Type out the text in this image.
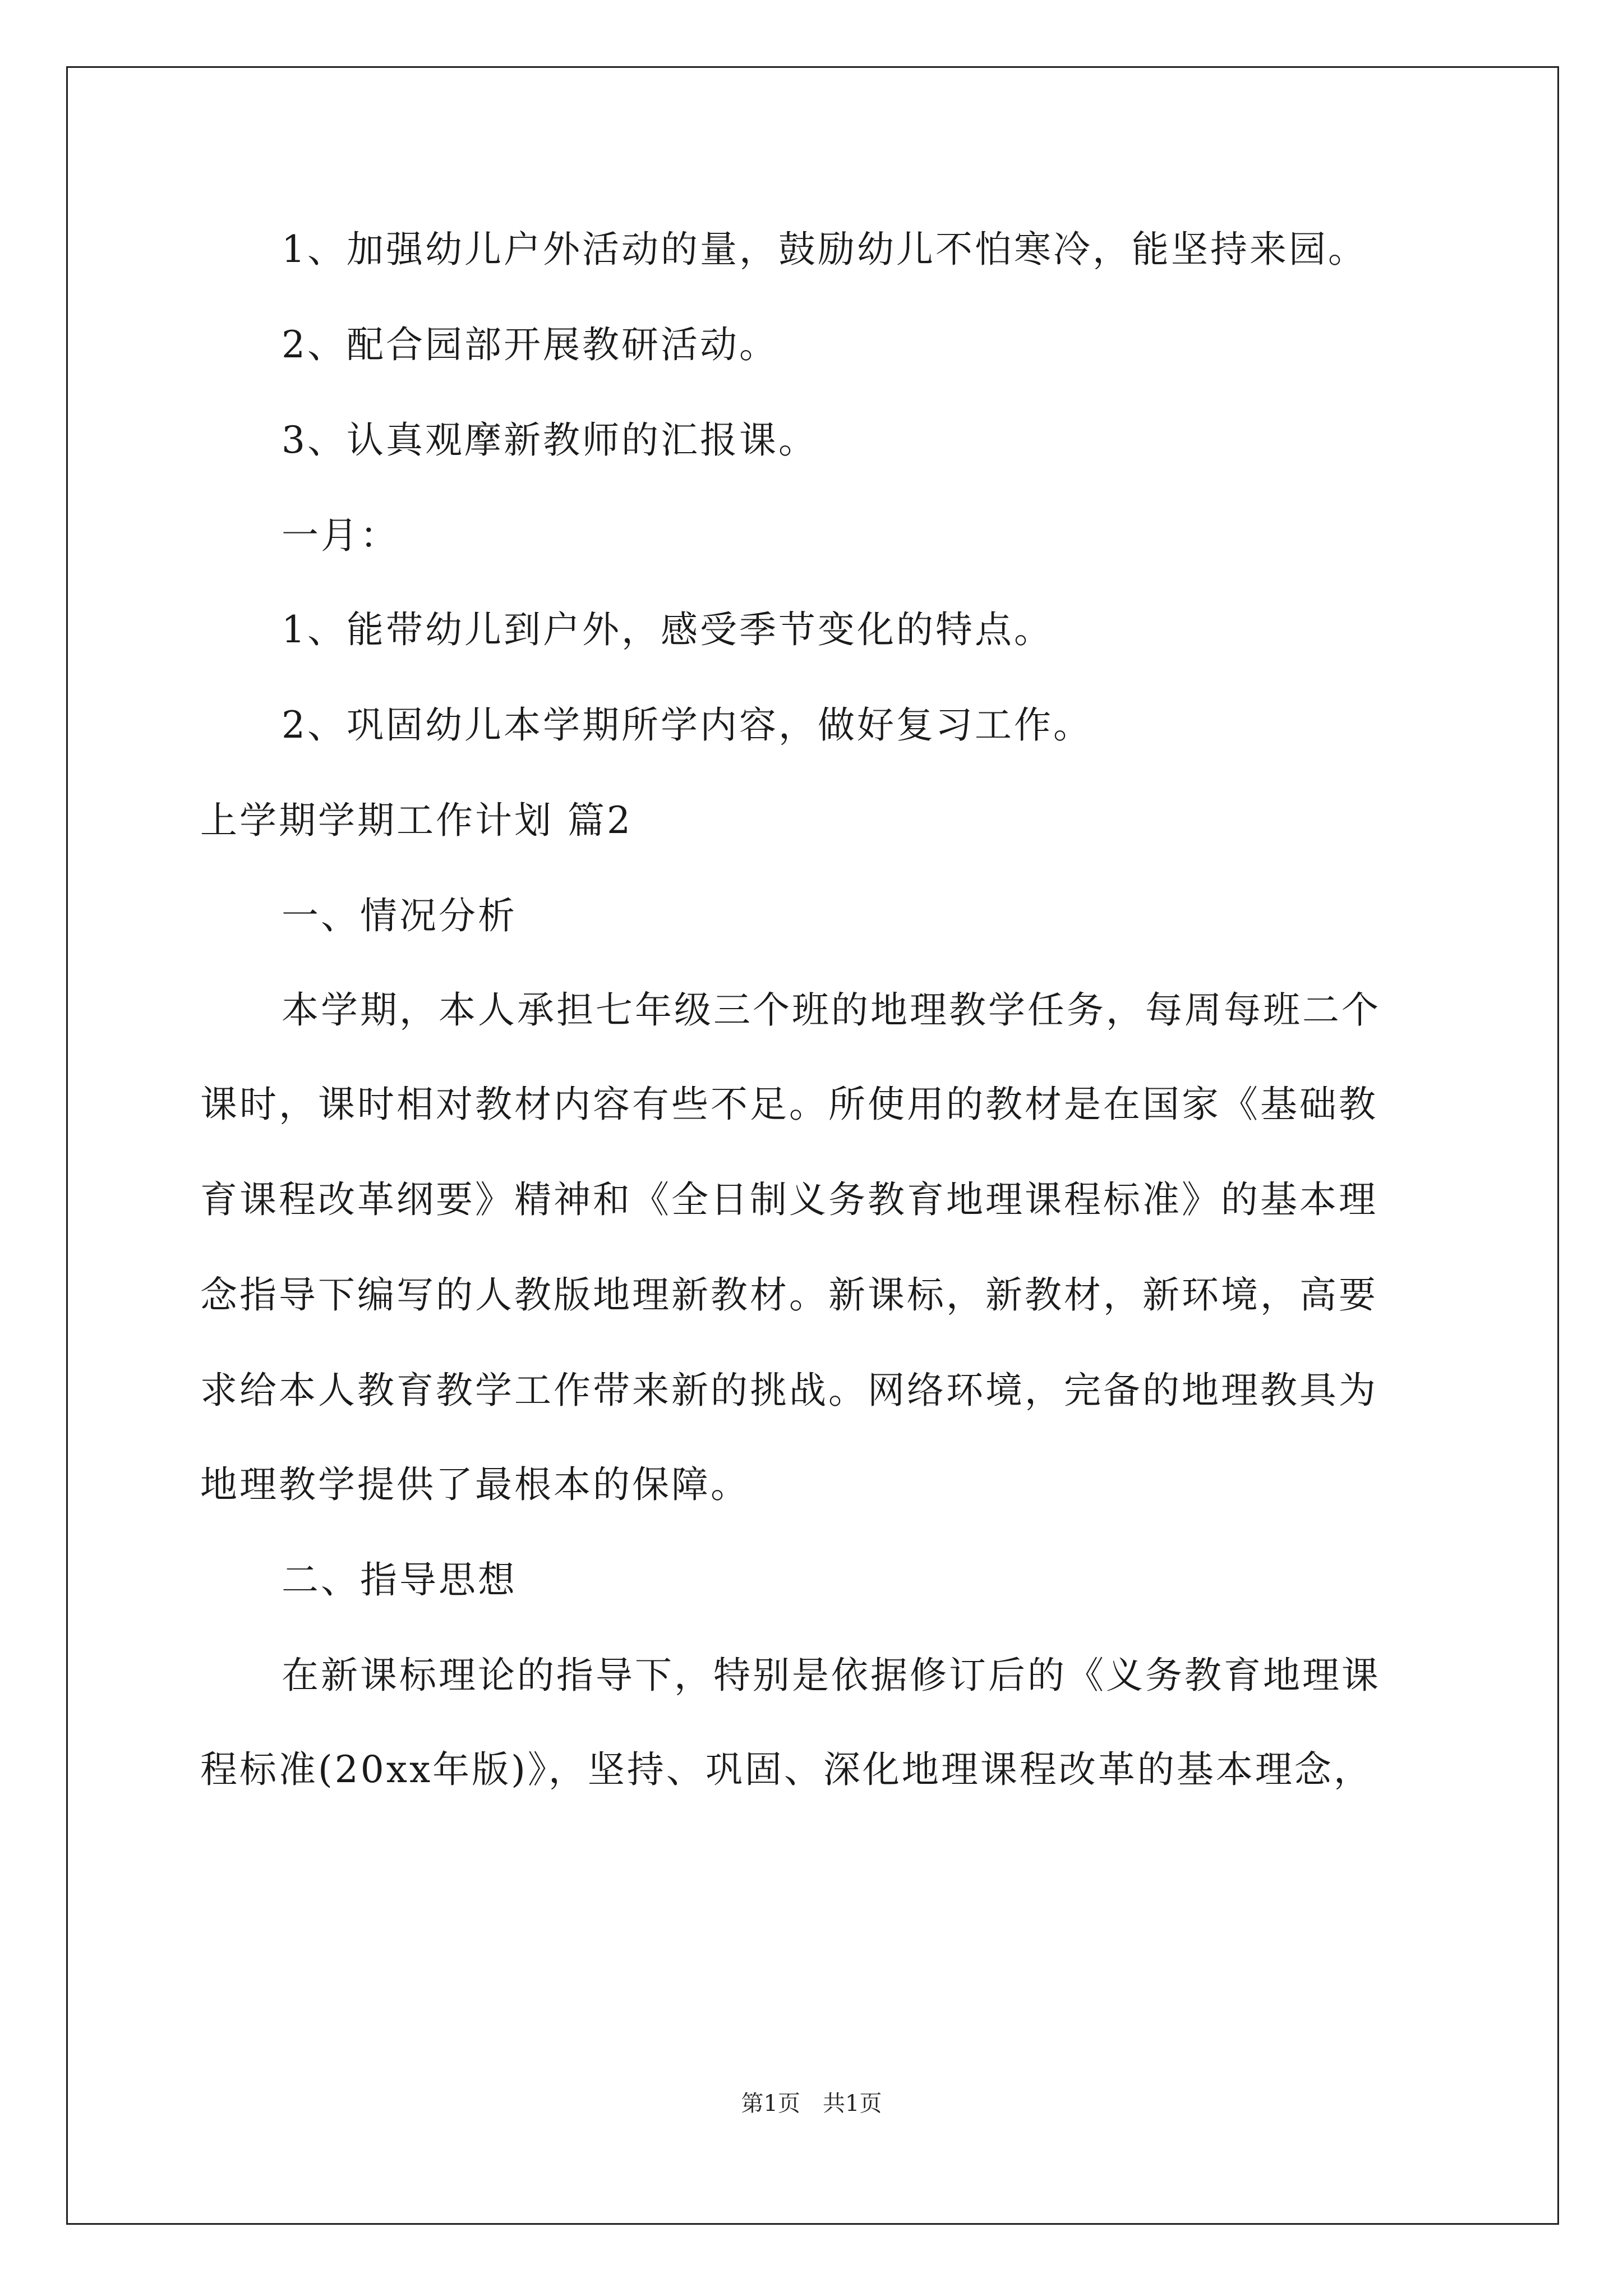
1、加强幼儿户外活动的量，鼓励幼儿不怕寒冷，能坚持来园。
2、配合园部开展教研活动。
3、认真观摩新教师的汇报课。
一月：
1、能带幼儿到户外，感受季节变化的特点。
2、巩固幼儿本学期所学内容，做好复习工作。
上学期学期工作计划 篇2
一、情况分析
本学期，本人承担七年级三个班的地理教学任务，每周每班二个
课时，课时相对教材内容有些不足。所使用的教材是在国家《基础教
育课程改革纲要》精神和《全日制义务教育地理课程标准》的基本理
念指导下编写的人教版地理新教材。新课标，新教材，新环境，高要
求给本人教育教学工作带来新的挑战。网络环境，完备的地理教具为
地理教学提供了最根本的保障。
二、指导思想
在新课标理论的指导下，特别是依据修订后的《义务教育地理课
程标准(20xx年版)》，坚持、巩固、深化地理课程改革的基本理念，
第1页　共1页
